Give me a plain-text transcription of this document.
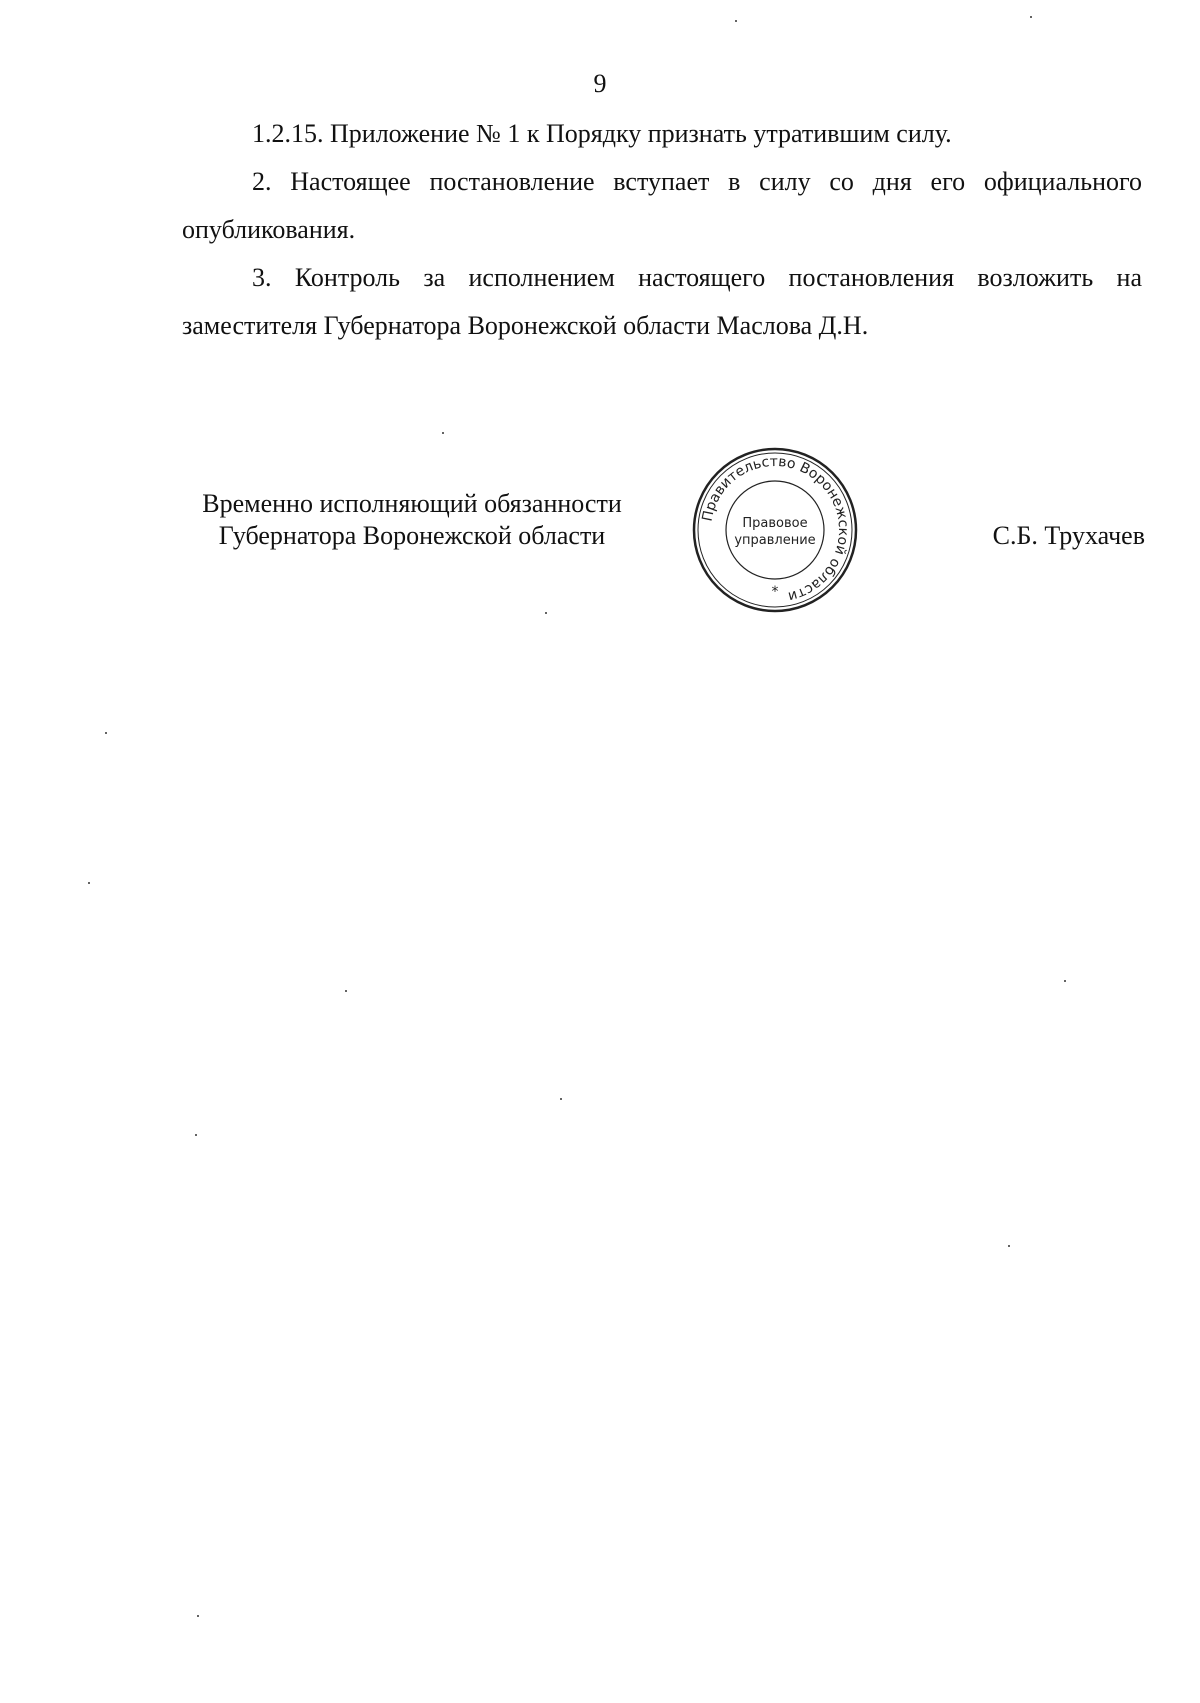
9

1.2.15. Приложение № 1 к Порядку признать утратившим силу.

2. Настоящее постановление вступает в силу со дня его официального опубликования.

3. Контроль за исполнением настоящего постановления возложить на заместителя Губернатора Воронежской области Маслова Д.Н.

Временно исполняющий обязанности
Губернатора Воронежской области
Правительство Воронежской области
Правовое
управление
*
С.Б. Трухачев
